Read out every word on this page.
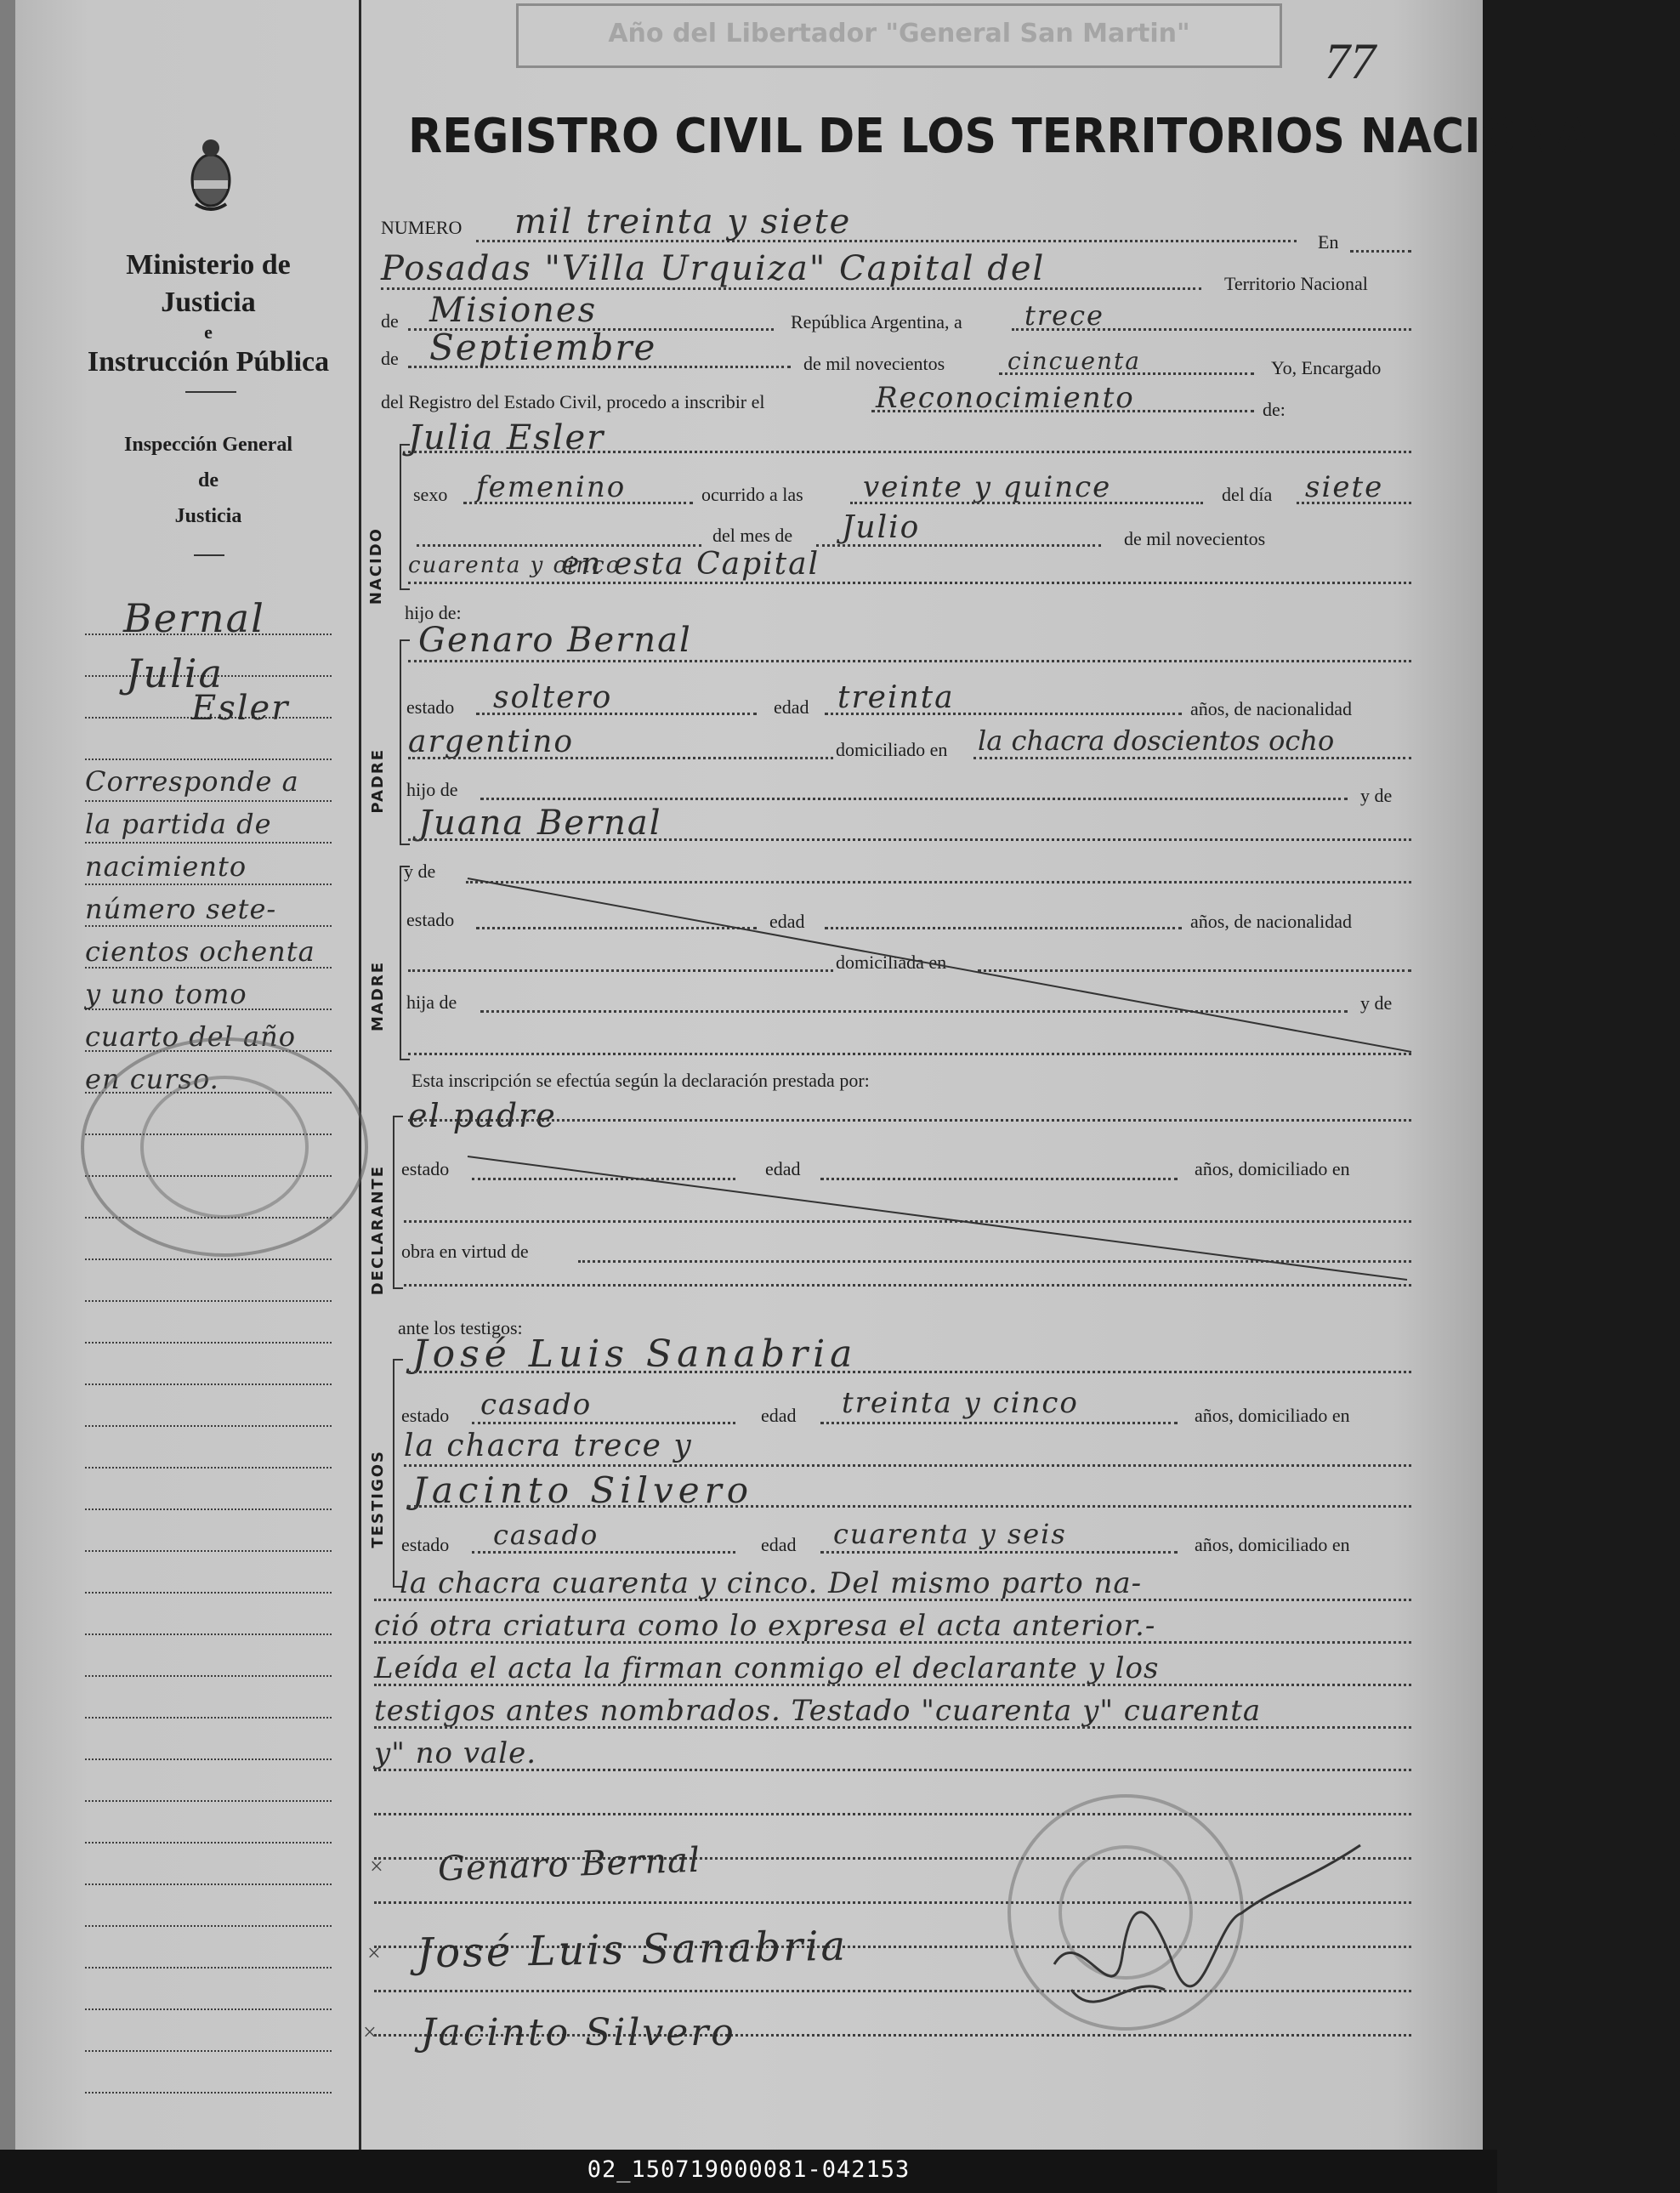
Año del Libertador "General San Martin"	77
REGISTRO CIVIL DE LOS TERRITORIOS NACIONALES
Ministerio de Justicia
e
Instrucción Pública
Inspección General
de
Justicia
Bernal
Julia
Esler
Corresponde a
la partida de
nacimiento
número sete-
cientos ochenta
y uno tomo
cuarto del año
en curso.
NUMERO mil treinta y siete
En
Posadas "Villa Urquiza" Capital del	Territorio Nacional
de Misiones	República Argentina, a trece
de Septiembre	de mil novecientos	cincuenta	Yo, Encargado
del Registro del Estado Civil, procedo a inscribir el	Reconocimiento	de:
NACIDO
Julia Esler
sexo femenino	ocurrido a las veinte y quince	del día siete
del mes de Julio	de mil novecientos
cuarenta y cinco
en esta Capital
hijo de:
PADRE
Genaro Bernal
estado soltero	edad treinta	años, de nacionalidad
argentino	domiciliado en la chacra doscientos ocho
hijo de	y de
Juana Bernal
MADRE
y de
estado	edad	años, de nacionalidad
domiciliada en
hija de	y de
Esta inscripción se efectúa según la declaración prestada por:
DECLARANTE
el padre
estado	edad	años, domiciliado en
obra en virtud de
ante los testigos:
TESTIGOS
José Luis Sanabria
estado casado	edad treinta y cinco	años, domiciliado en
la chacra trece y
Jacinto Silvero
estado casado	edad cuarenta y seis	años, domiciliado en
la chacra cuarenta y cinco. Del mismo parto na-
ció otra criatura como lo expresa el acta anterior.-
Leída el acta la firman conmigo el declarante y los
testigos antes nombrados. Testado "cuarenta y" cuarenta
y" no vale.
Genaro Bernal
José Luis Sanabria
Jacinto Silvero
×
×
×
02_150719000081-042153
